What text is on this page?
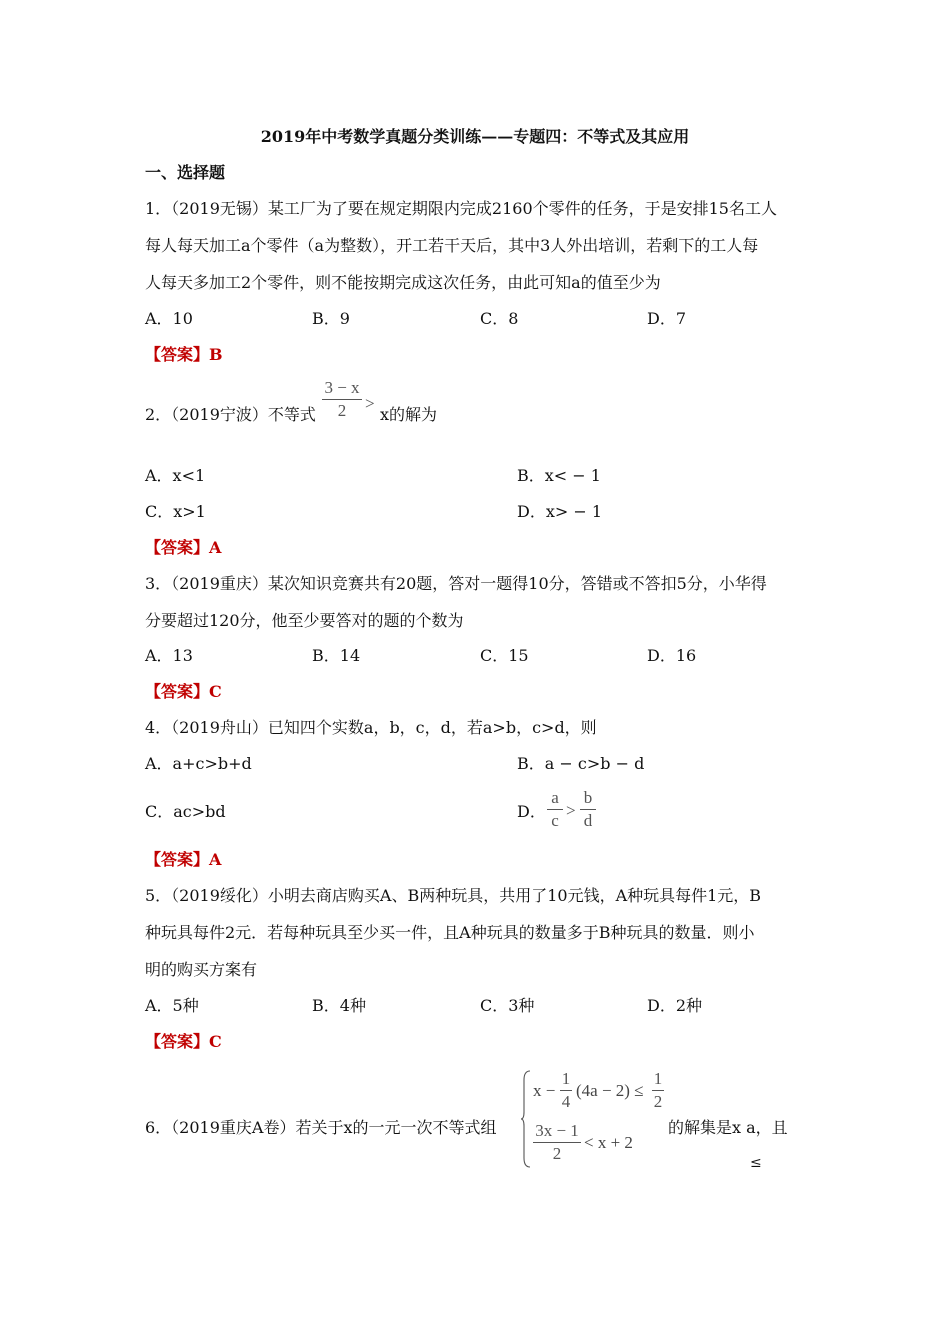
2019年中考数学真题分类训练——专题四：不等式及其应用
一、选择题
1．（2019无锡）某工厂为了要在规定期限内完成2160个零件的任务，于是安排15名工人
每人每天加工a个零件（a为整数），开工若干天后，其中3人外出培训，若剩下的工人每
人每天多加工2个零件，则不能按期完成这次任务，由此可知a的值至少为
A．10	B．9	C．8	D．7
【答案】B
2．（2019宁波）不等式
3 − x
2	>
x的解为
A．x<1	B．x< − 1
C．x>1	D．x> − 1
【答案】A
3．（2019重庆）某次知识竞赛共有20题，答对一题得10分，答错或不答扣5分，小华得
分要超过120分，他至少要答对的题的个数为
A．13	B．14	C．15	D．16
【答案】C
4．（2019舟山）已知四个实数a，b，c，d，若a>b，c>d，则
A．a+c>b+d	B．a − c>b − d
C．ac>bd	D．
a
c
>
b
d
【答案】A
5．（2019绥化）小明去商店购买A、B两种玩具，共用了10元钱，A种玩具每件1元，B
种玩具每件2元．若每种玩具至少买一件，且A种玩具的数量多于B种玩具的数量．则小
明的购买方案有
A．5种	B．4种	C．3种	D．2种
【答案】C
6．（2019重庆A卷）若关于x的一元一次不等式组
x −
1
4
(4a − 2) ≤
1
2
3x − 1
2
< x + 2
的解集是x a，且
≤
